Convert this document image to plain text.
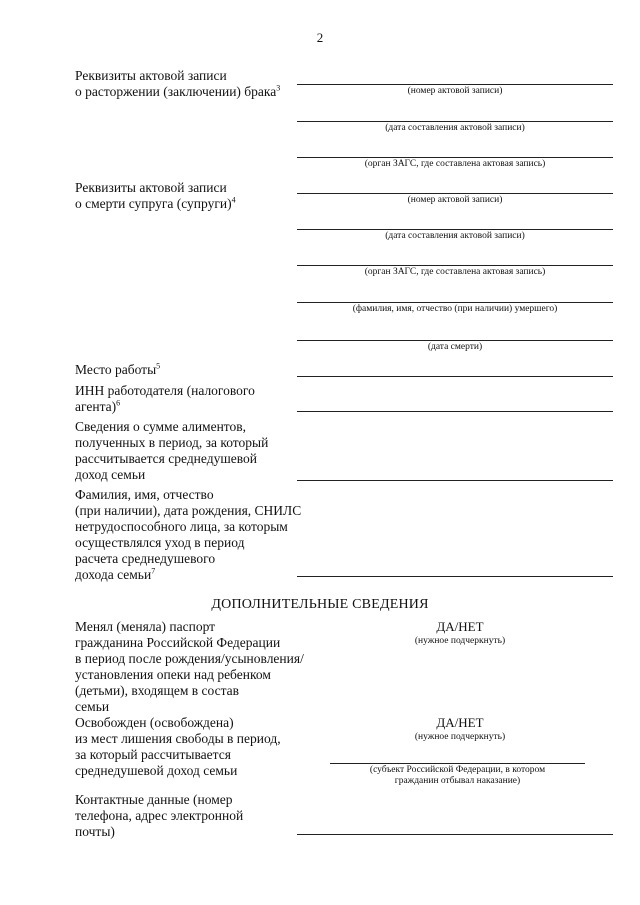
2
Реквизиты актовой записи
о расторжении (заключении) брака$^3$	(номер актовой записи)
(дата составления актовой записи)
(орган ЗАГС, где составлена актовая запись)
Реквизиты актовой записи
о смерти супруга (супруги)$^4$	(номер актовой записи)
(дата составления актовой записи)
(орган ЗАГС, где составлена актовая запись)
(фамилия, имя, отчество (при наличии) умершего)
(дата смерти)
Место работы$^5$
ИНН работодателя (налогового
агента)$^6$
Сведения о сумме алиментов,
полученных в период, за который
рассчитывается среднедушевой
доход семьи
Фамилия, имя, отчество
(при наличии), дата рождения, СНИЛС
нетрудоспособного лица, за которым
осуществлялся уход в период
расчета среднедушевого
дохода семьи$^7$
ДОПОЛНИТЕЛЬНЫЕ СВЕДЕНИЯ
Менял (меняла) паспорт
гражданина Российской Федерации
в период после рождения/усыновления/
установления опеки над ребенком
(детьми), входящем в состав
семьи
ДА/НЕТ
(нужное подчеркнуть)
Освобожден (освобождена)
из мест лишения свободы в период,
за который рассчитывается
среднедушевой доход семьи
ДА/НЕТ
(нужное подчеркнуть)
(субъект Российской Федерации, в котором
гражданин отбывал наказание)
Контактные данные (номер
телефона, адрес электронной
почты)
